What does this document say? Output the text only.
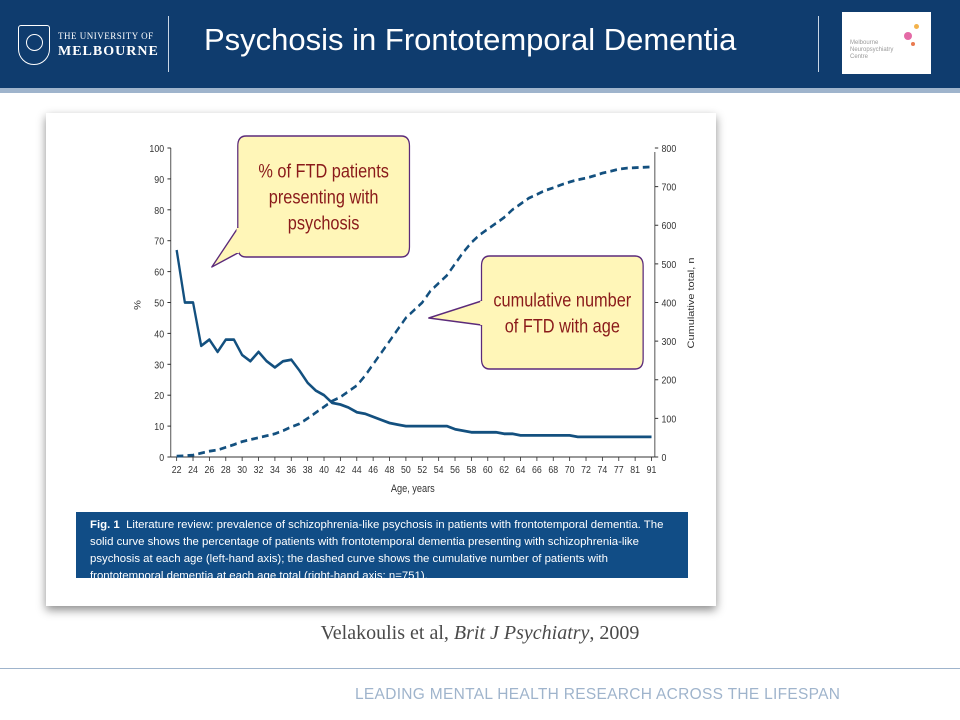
THE UNIVERSITY OF
MELBOURNE Psychosis in Frontotemporal Dementia	Melbourne
Neuropsychiatry
Centre
0
10
20
30
40
50
60
70
80
90
100
0
100
200
300
400
500
600
700
800
22 24 26 28 30 32 34 36 38 40 42 44 46 48 50 52 54 56 58 60 62 64 66 68 70 72 74 77 81 91
Age, years
%	Cumulative total, n
% of FTD patients
presenting with
psychosis
cumulative number
of FTD with age
Fig. 1 Literature review: prevalence of schizophrenia-like psychosis in patients with frontotemporal dementia. The solid curve shows the percentage of patients with frontotemporal dementia presenting with schizophrenia-like psychosis at each age (left-hand axis); the dashed curve shows the cumulative number of patients with frontotemporal dementia at each age total (right-hand axis; n=751).
Velakoulis et al, Brit J Psychiatry, 2009
LEADING MENTAL HEALTH RESEARCH ACROSS THE LIFESPAN
